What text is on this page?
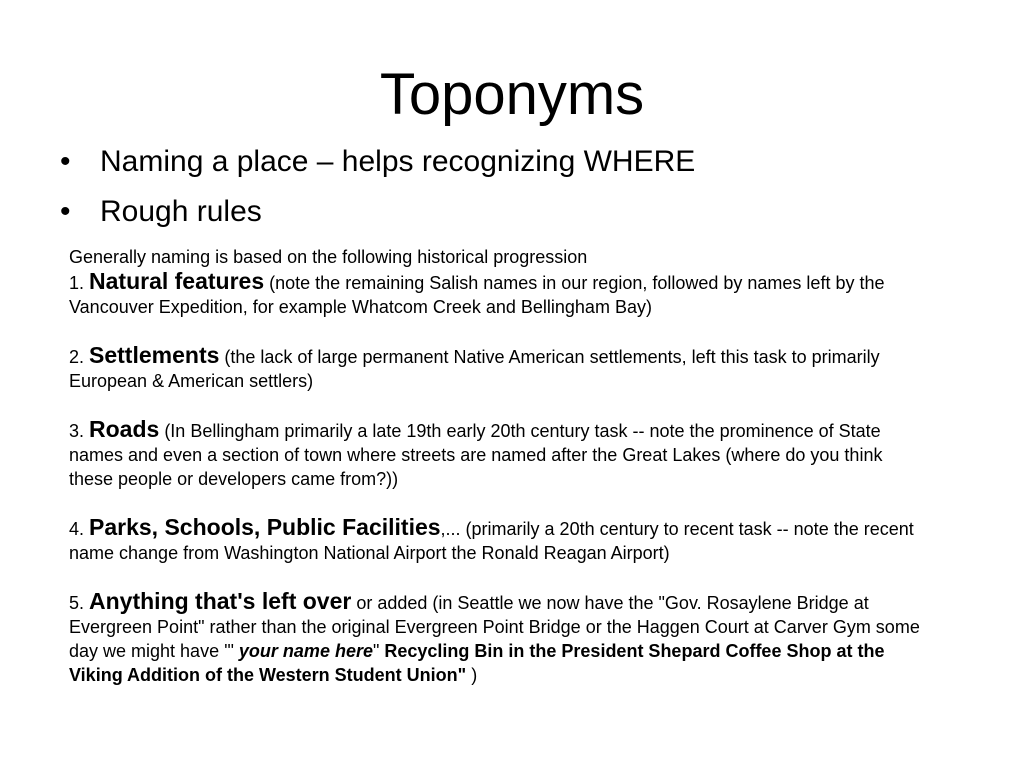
Toponyms
• Naming a place – helps recognizing WHERE
• Rough rules

Generally naming is based on the following historical progression

1. Natural features (note the remaining Salish names in our region, followed by names left by the Vancouver Expedition, for example Whatcom Creek and Bellingham Bay)

2. Settlements (the lack of large permanent Native American settlements, left this task to primarily European & American settlers)

3. Roads (In Bellingham primarily a late 19th early 20th century task -- note the prominence of State names and even a section of town where streets are named after the Great Lakes (where do you think these people or developers came from?))

4. Parks, Schools, Public Facilities,... (primarily a 20th century to recent task -- note the recent name change from Washington National Airport the Ronald Reagan Airport)

5. Anything that's left over or added (in Seattle we now have the "Gov. Rosaylene Bridge at Evergreen Point" rather than the original Evergreen Point Bridge or the Haggen Court at Carver Gym some day we might have '" your name here" Recycling Bin in the President Shepard Coffee Shop at the Viking Addition of the Western Student Union" )
